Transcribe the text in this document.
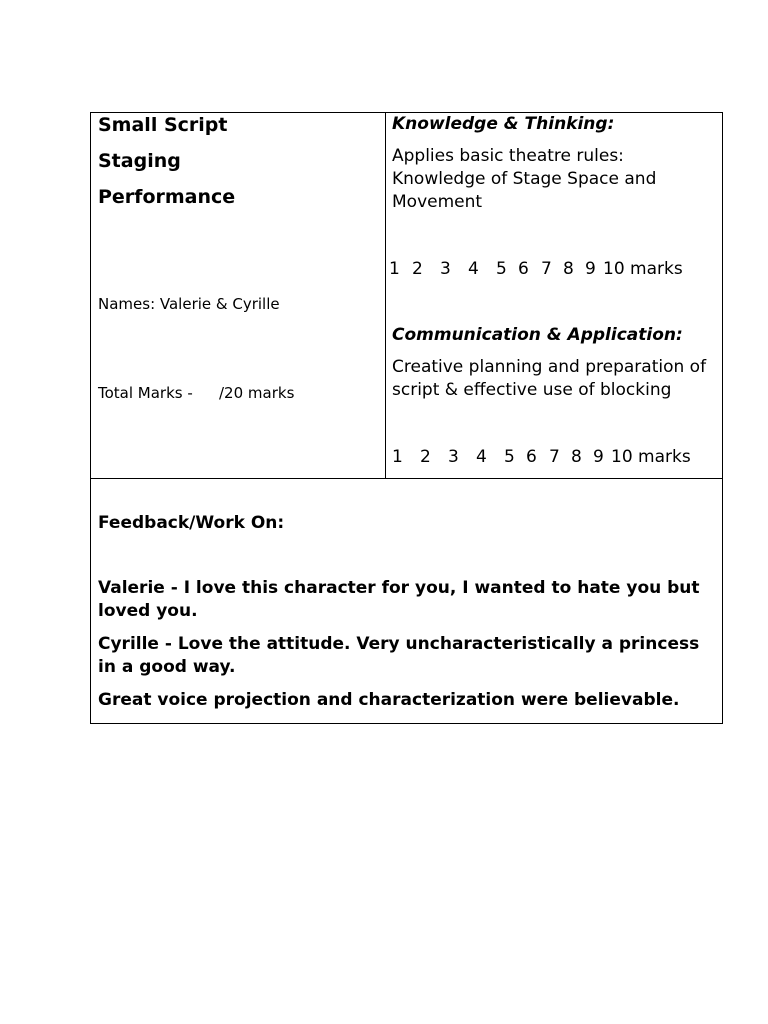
Small Script
Staging
Performance
Names: Valerie & Cyrille
Total Marks - /20 marks
Knowledge & Thinking:
Applies basic theatre rules: Knowledge of Stage Space and Movement
1 2	3	4	5 6 7 8 9 10 marks
Communication & Application:
Creative planning and preparation of script & effective use of blocking
1	2	3	4	5 6 7 8 9 10 marks
Feedback/Work On:
Valerie - I love this character for you, I wanted to hate you but loved you.
Cyrille - Love the attitude. Very uncharacteristically a princess in a good way.
Great voice projection and characterization were believable.
